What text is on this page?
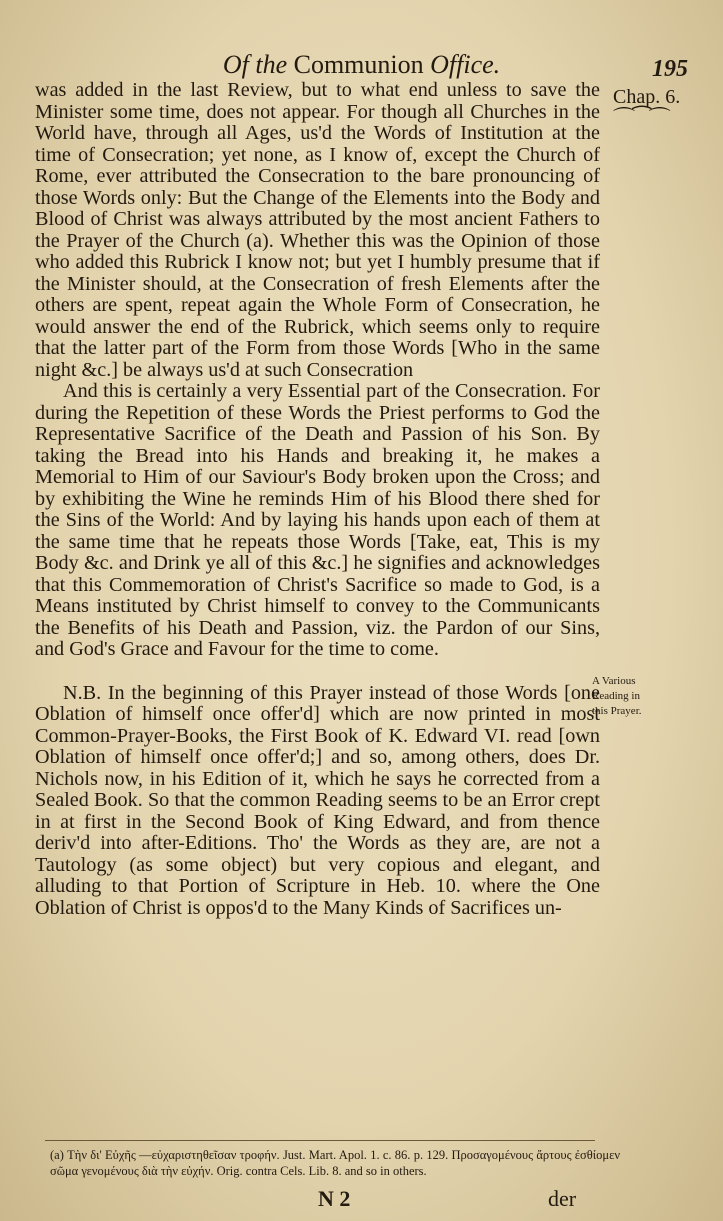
Of the Communion Office.	195
Chap. 6.
⌒⁀⌒
A Various
Reading in
this Prayer.

was added in the last Review, but to what end unless to save the Minister some time, does not appear. For though all Churches in the World have, through all Ages, us'd the Words of Institution at the time of Consecration; yet none, as I know of, except the Church of Rome, ever attributed the Consecration to the bare pronouncing of those Words only: But the Change of the Elements into the Body and Blood of Christ was always attributed by the most ancient Fathers to the Prayer of the Church (a). Whether this was the Opinion of those who added this Rubrick I know not; but yet I humbly presume that if the Minister should, at the Consecration of fresh Elements after the others are spent, repeat again the Whole Form of Consecration, he would answer the end of the Rubrick, which seems only to require that the latter part of the Form from those Words [Who in the same night &c.] be always us'd at such Consecration

And this is certainly a very Essential part of the Consecration. For during the Repetition of these Words the Priest performs to God the Representative Sacrifice of the Death and Passion of his Son. By taking the Bread into his Hands and breaking it, he makes a Memorial to Him of our Saviour's Body broken upon the Cross; and by exhibiting the Wine he reminds Him of his Blood there shed for the Sins of the World: And by laying his hands upon each of them at the same time that he repeats those Words [Take, eat, This is my Body &c. and Drink ye all of this &c.] he signifies and acknowledges that this Commemoration of Christ's Sacrifice so made to God, is a Means instituted by Christ himself to convey to the Communicants the Benefits of his Death and Passion, viz. the Pardon of our Sins, and God's Grace and Favour for the time to come.

N.B. In the beginning of this Prayer instead of those Words [one Oblation of himself once offer'd] which are now printed in most Common-Prayer-Books, the First Book of K. Edward VI. read [own Oblation of himself once offer'd;] and so, among others, does Dr. Nichols now, in his Edition of it, which he says he corrected from a Sealed Book. So that the common Reading seems to be an Error crept in at first in the Second Book of King Edward, and from thence deriv'd into after-Editions. Tho' the Words as they are, are not a Tautology (as some object) but very copious and elegant, and alluding to that Portion of Scripture in Heb. 10. where the One Oblation of Christ is oppos'd to the Many Kinds of Sacrifices un-

(a) Τὴν δι' Εὐχῆς —εὐχαριστηθεῖσαν τροφήν. Just. Mart. Apol. 1. c. 86. p. 129. Προσαγομένους ἄρτους ἐσθίομεν σῶμα γενομένους διὰ τὴν εὐχήν. Orig. contra Cels. Lib. 8. and so in others.
N 2	der
